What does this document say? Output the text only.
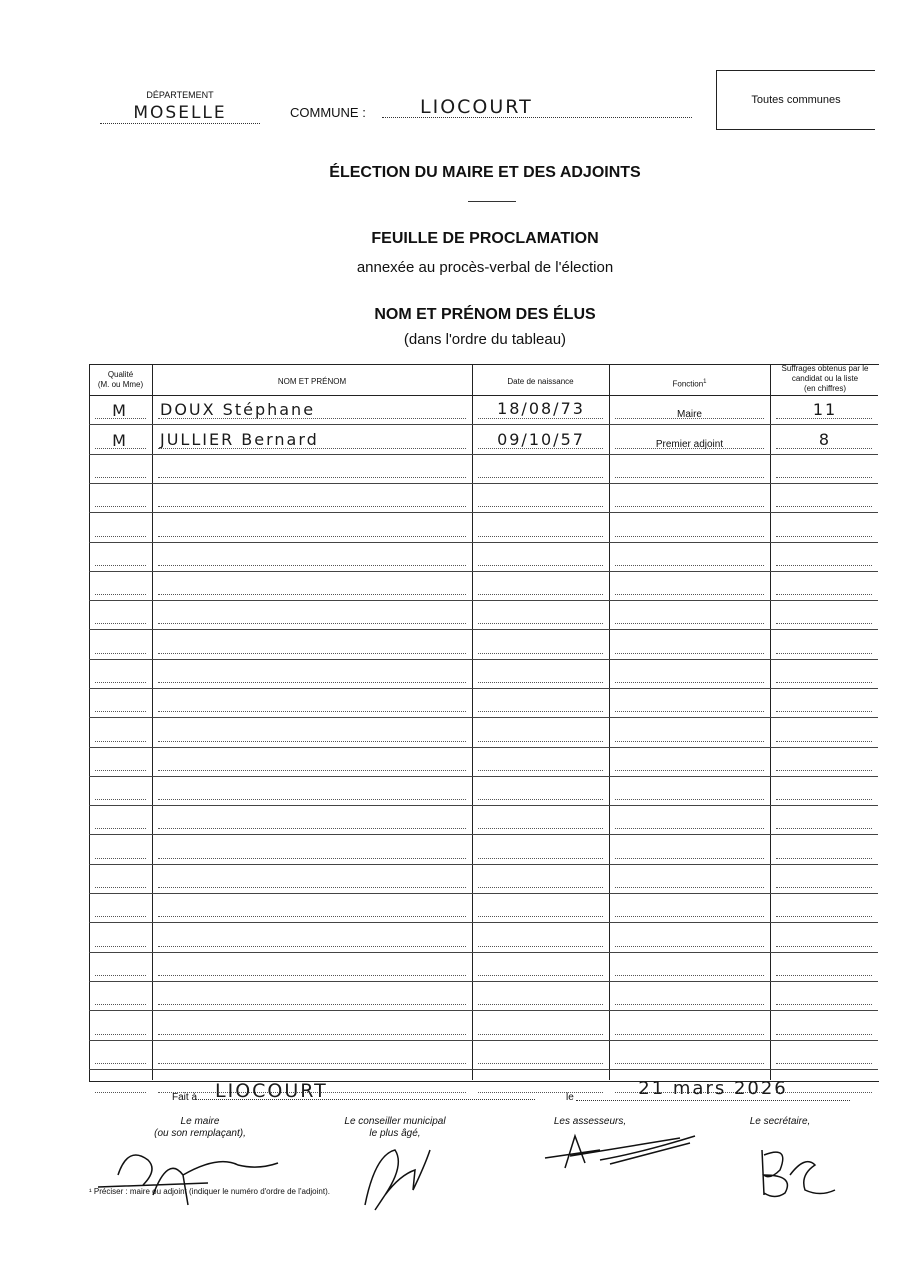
DÉPARTEMENT
MOSELLE	COMMUNE :	LIOCOURT	Toutes communes
ÉLECTION DU MAIRE ET DES ADJOINTS
FEUILLE DE PROCLAMATION
annexée au procès-verbal de l'élection
NOM ET PRÉNOM DES ÉLUS
(dans l'ordre du tableau)
Qualité
(M. ou Mme)	NOM ET PRÉNOM	Date de naissance	Fonction$^1$
Suffrages obtenus par le candidat ou la liste
(en chiffres)
M	DOUX Stéphane	18/08/73	Maire	11
M	JULLIER Bernard	09/10/57	Premier adjoint	8
Fait à LIOCOURT	le	21 mars 2026
Le maire
(ou son remplaçant),
Le conseiller municipal
le plus âgé,
Les assesseurs,	Le secrétaire,
¹ Préciser : maire ou adjoint (indiquer le numéro d'ordre de l'adjoint).
